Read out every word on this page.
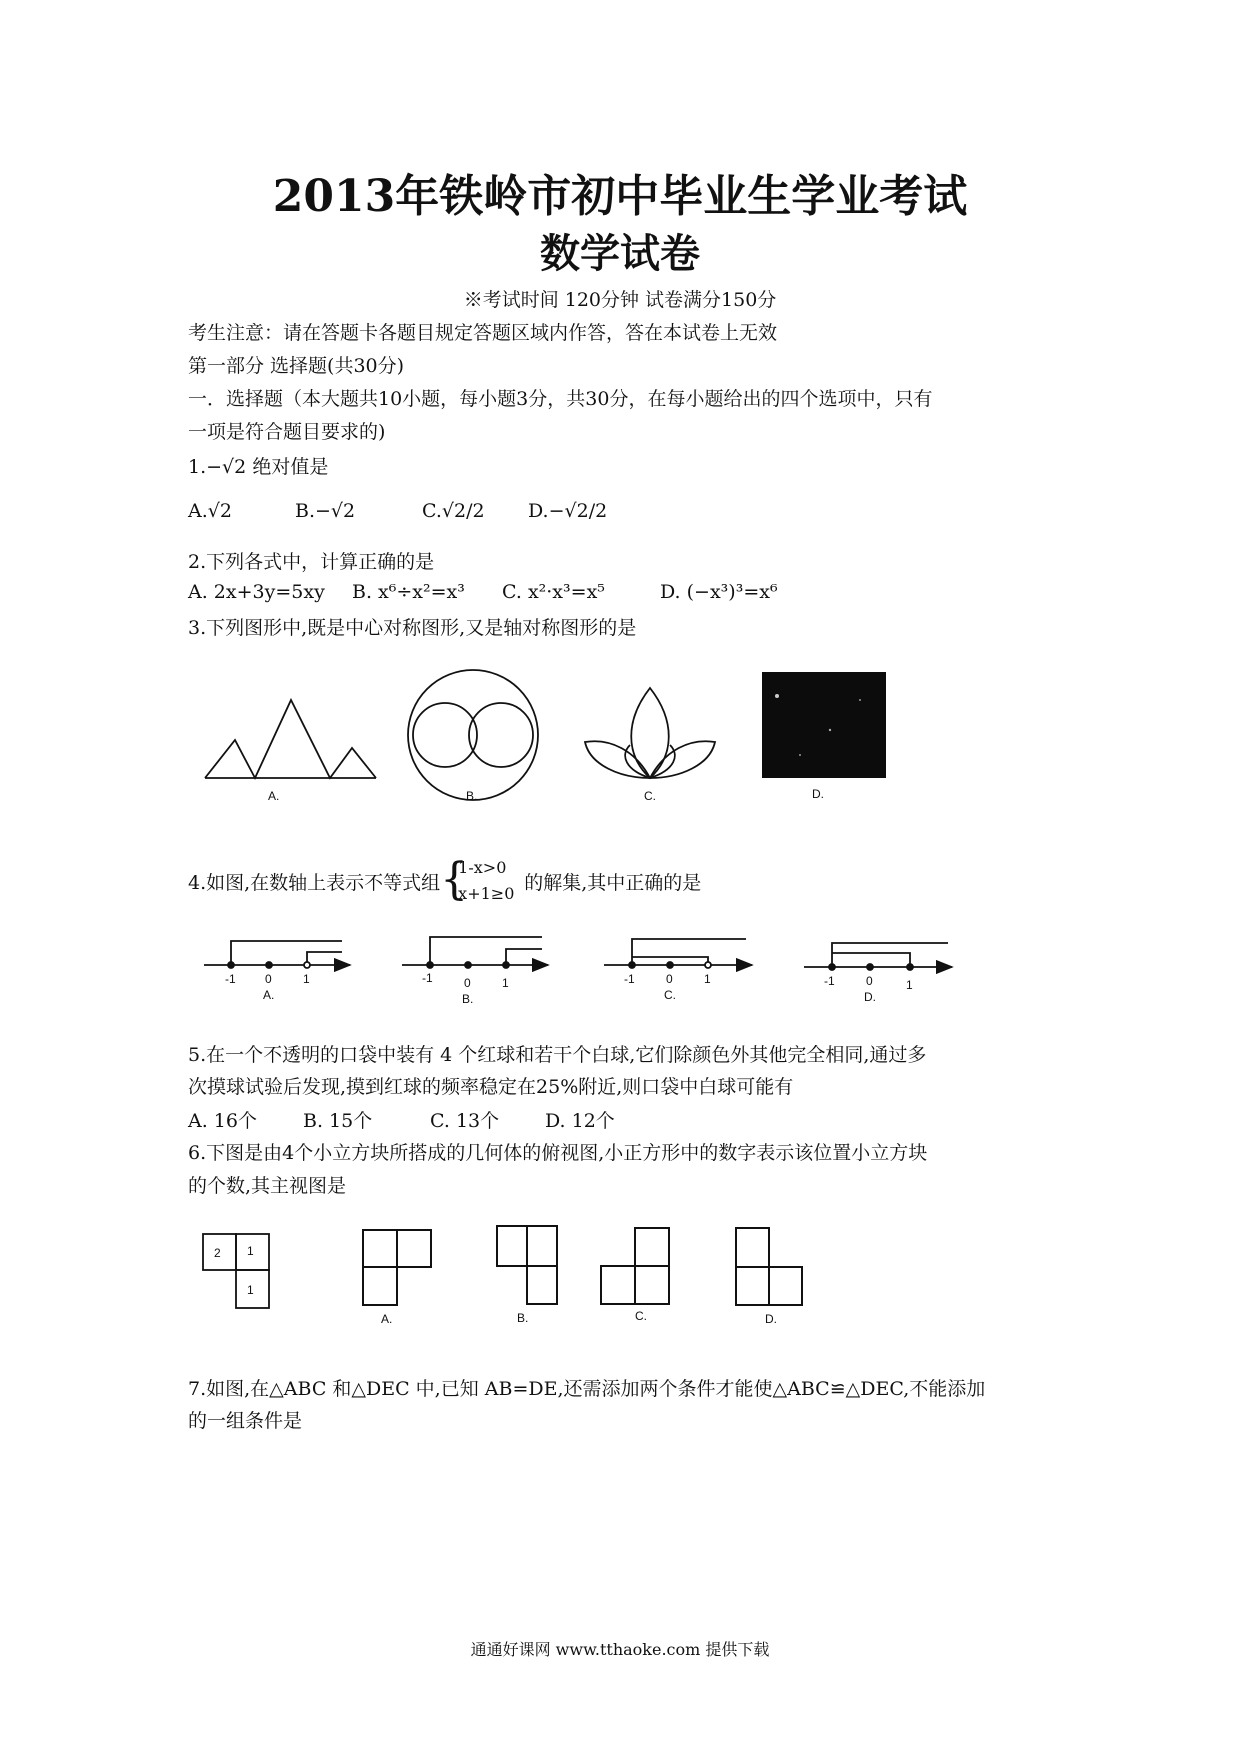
2013年铁岭市初中毕业生学业考试
数学试卷
※考试时间 120分钟 试卷满分150分
考生注意：请在答题卡各题目规定答题区域内作答，答在本试卷上无效
第一部分 选择题(共30分)
一．选择题（本大题共10小题，每小题3分，共30分，在每小题给出的四个选项中，只有
一项是符合题目要求的)
1.−√2 绝对值是
A.√2	B.−√2	C.√2/2 D.−√2/2
2.下列各式中，计算正确的是
A. 2x+3y=5xy B. x⁶÷x²=x³ C. x²·x³=x⁵	D. (−x³)³=x⁶
3.下列图形中,既是中心对称图形,又是轴对称图形的是
A.	B.	C.	D.
4.如图,在数轴上表示不等式组 {
1-x>0
x+1≥0 的解集,其中正确的是
-1 0	1
A.
-1	0	1
B.
-1	0	1
C.
-1	0	1
D.
5.在一个不透明的口袋中装有 4 个红球和若干个白球,它们除颜色外其他完全相同,通过多
次摸球试验后发现,摸到红球的频率稳定在25%附近,则口袋中白球可能有
A. 16个 B. 15个	C. 13个 D. 12个
6.下图是由4个小立方块所搭成的几何体的俯视图,小正方形中的数字表示该位置小立方块
的个数,其主视图是
2 1
1
A.	B.	C.	D.
7.如图,在△ABC 和△DEC 中,已知 AB=DE,还需添加两个条件才能使△ABC≌△DEC,不能添加
的一组条件是
通通好课网 www.tthaoke.com 提供下载
